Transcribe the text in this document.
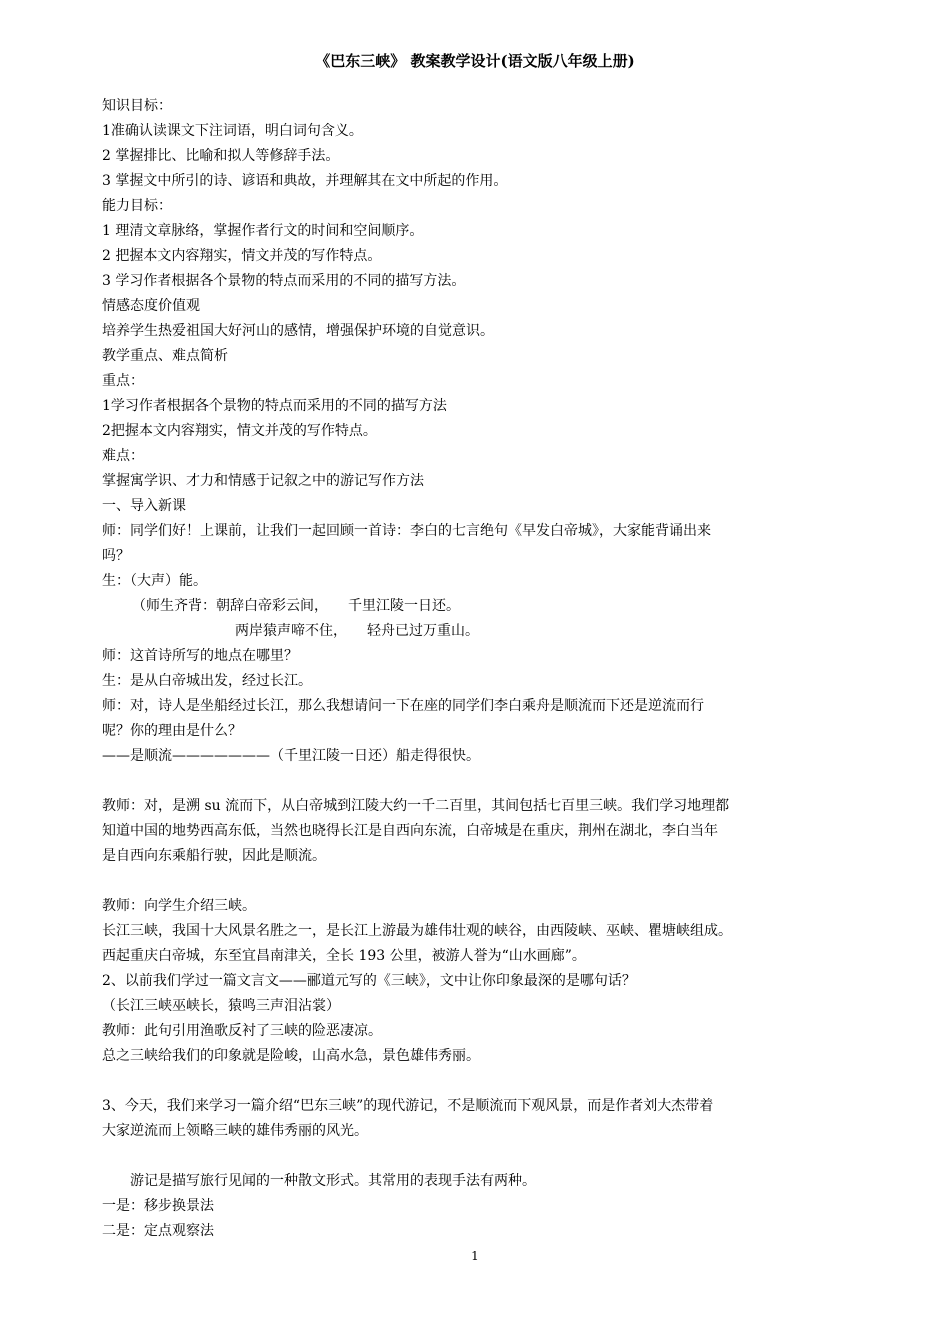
《巴东三峡》 教案教学设计(语文版八年级上册)
知识目标：
1准确认读课文下注词语，明白词句含义。
2 掌握排比、比喻和拟人等修辞手法。
3 掌握文中所引的诗、谚语和典故，并理解其在文中所起的作用。
能力目标：
1 理清文章脉络，掌握作者行文的时间和空间顺序。
2 把握本文内容翔实，情文并茂的写作特点。
3 学习作者根据各个景物的特点而采用的不同的描写方法。
情感态度价值观
培养学生热爱祖国大好河山的感情，增强保护环境的自觉意识。
教学重点、难点简析
重点：
1学习作者根据各个景物的特点而采用的不同的描写方法
2把握本文内容翔实，情文并茂的写作特点。
难点：
掌握寓学识、才力和情感于记叙之中的游记写作方法
一、导入新课
师：同学们好！上课前，让我们一起回顾一首诗：李白的七言绝句《早发白帝城》，大家能背诵出来
吗？
生：（大声）能。
（师生齐背：朝辞白帝彩云间， 千里江陵一日还。
两岸猿声啼不住， 轻舟已过万重山。
师：这首诗所写的地点在哪里？
生：是从白帝城出发，经过长江。
师：对，诗人是坐船经过长江，那么我想请问一下在座的同学们李白乘舟是顺流而下还是逆流而行
呢？你的理由是什么？
——是顺流———————（千里江陵一日还）船走得很快。
教师：对，是溯 su 流而下，从白帝城到江陵大约一千二百里，其间包括七百里三峡。我们学习地理都
知道中国的地势西高东低，当然也晓得长江是自西向东流，白帝城是在重庆，荆州在湖北，李白当年
是自西向东乘船行驶，因此是顺流。
教师：向学生介绍三峡。
长江三峡，我国十大风景名胜之一，是长江上游最为雄伟壮观的峡谷，由西陵峡、巫峡、瞿塘峡组成。
西起重庆白帝城，东至宜昌南津关，全长 193 公里，被游人誉为“山水画廊”。
2、以前我们学过一篇文言文——郦道元写的《三峡》，文中让你印象最深的是哪句话？
（长江三峡巫峡长，猿鸣三声泪沾裳）
教师：此句引用渔歌反衬了三峡的险恶凄凉。
总之三峡给我们的印象就是险峻，山高水急，景色雄伟秀丽。
3、今天，我们来学习一篇介绍“巴东三峡”的现代游记，不是顺流而下观风景，而是作者刘大杰带着
大家逆流而上领略三峡的雄伟秀丽的风光。
游记是描写旅行见闻的一种散文形式。其常用的表现手法有两种。
一是：移步换景法
二是：定点观察法
1
